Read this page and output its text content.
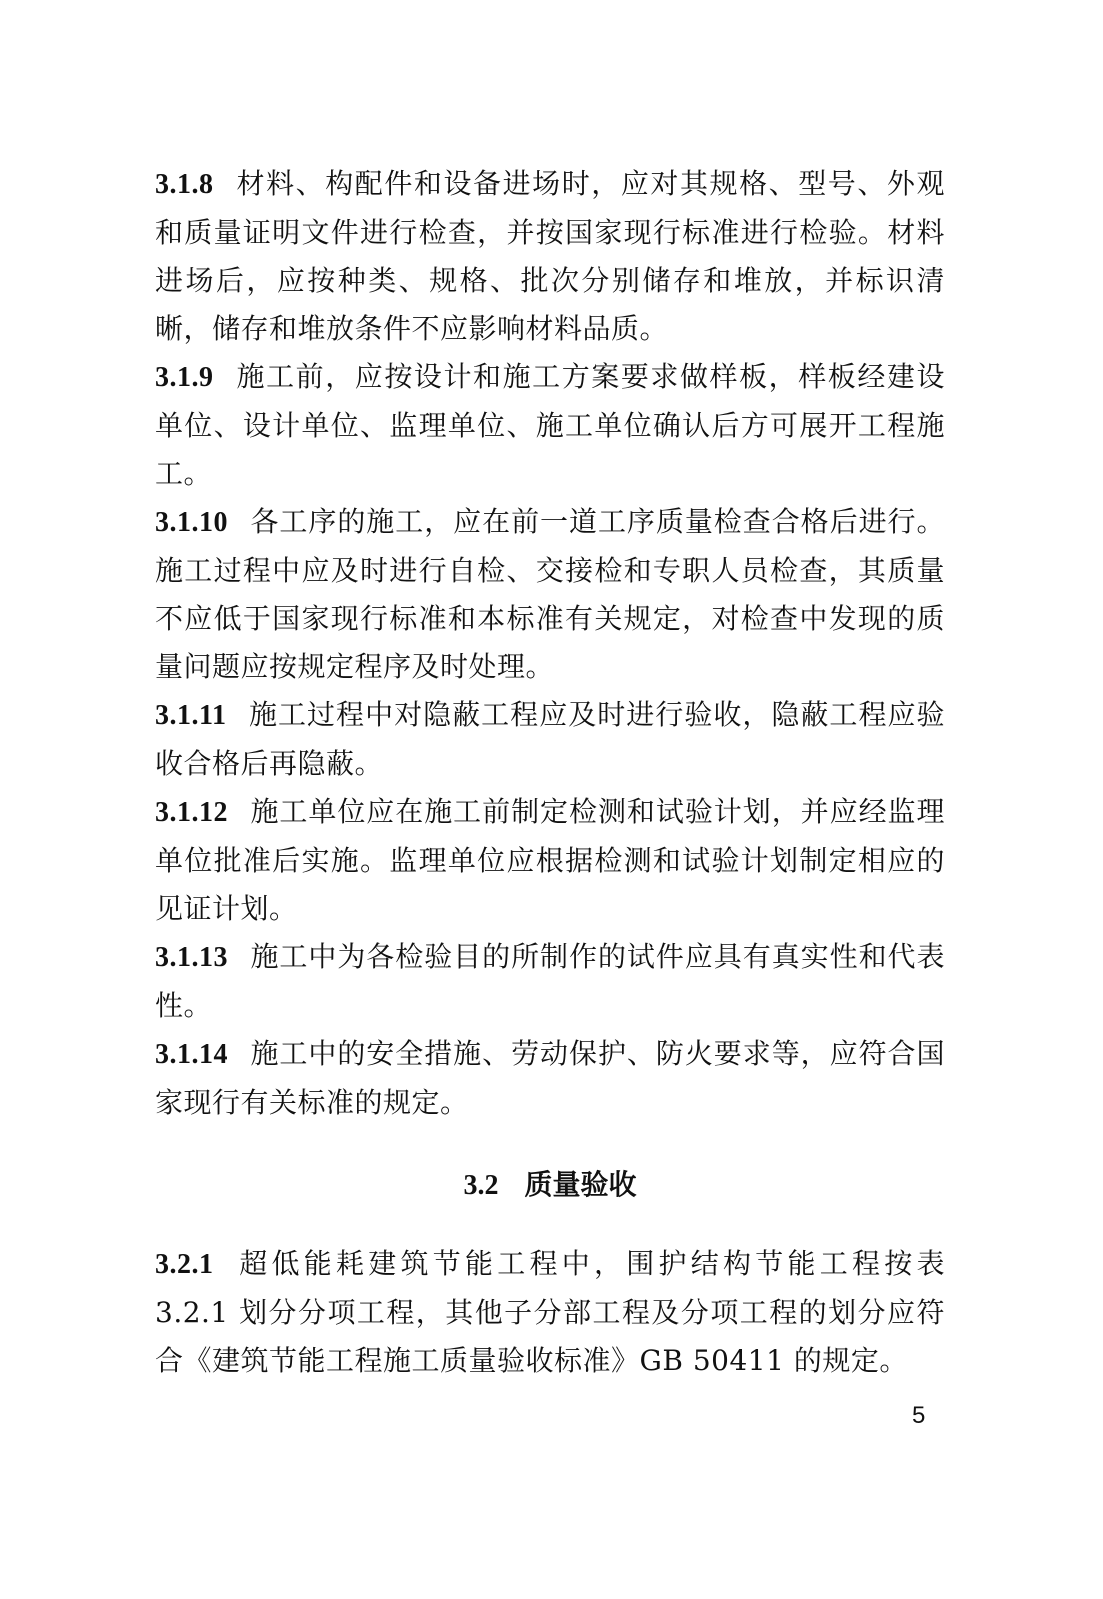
3.1.8 材料、构配件和设备进场时，应对其规格、型号、外观和质量证明文件进行检查，并按国家现行标准进行检验。材料进场后，应按种类、规格、批次分别储存和堆放，并标识清晰，储存和堆放条件不应影响材料品质。

3.1.9 施工前，应按设计和施工方案要求做样板，样板经建设单位、设计单位、监理单位、施工单位确认后方可展开工程施工。

3.1.10 各工序的施工，应在前一道工序质量检查合格后进行。施工过程中应及时进行自检、交接检和专职人员检查，其质量不应低于国家现行标准和本标准有关规定，对检查中发现的质量问题应按规定程序及时处理。

3.1.11 施工过程中对隐蔽工程应及时进行验收，隐蔽工程应验收合格后再隐蔽。

3.1.12 施工单位应在施工前制定检测和试验计划，并应经监理单位批准后实施。监理单位应根据检测和试验计划制定相应的见证计划。

3.1.13 施工中为各检验目的所制作的试件应具有真实性和代表性。

3.1.14 施工中的安全措施、劳动保护、防火要求等，应符合国家现行有关标准的规定。

3.2 质量验收

3.2.1 超低能耗建筑节能工程中，围护结构节能工程按表 3.2.1 划分分项工程，其他子分部工程及分项工程的划分应符合《建筑节能工程施工质量验收标准》GB 50411 的规定。

5
